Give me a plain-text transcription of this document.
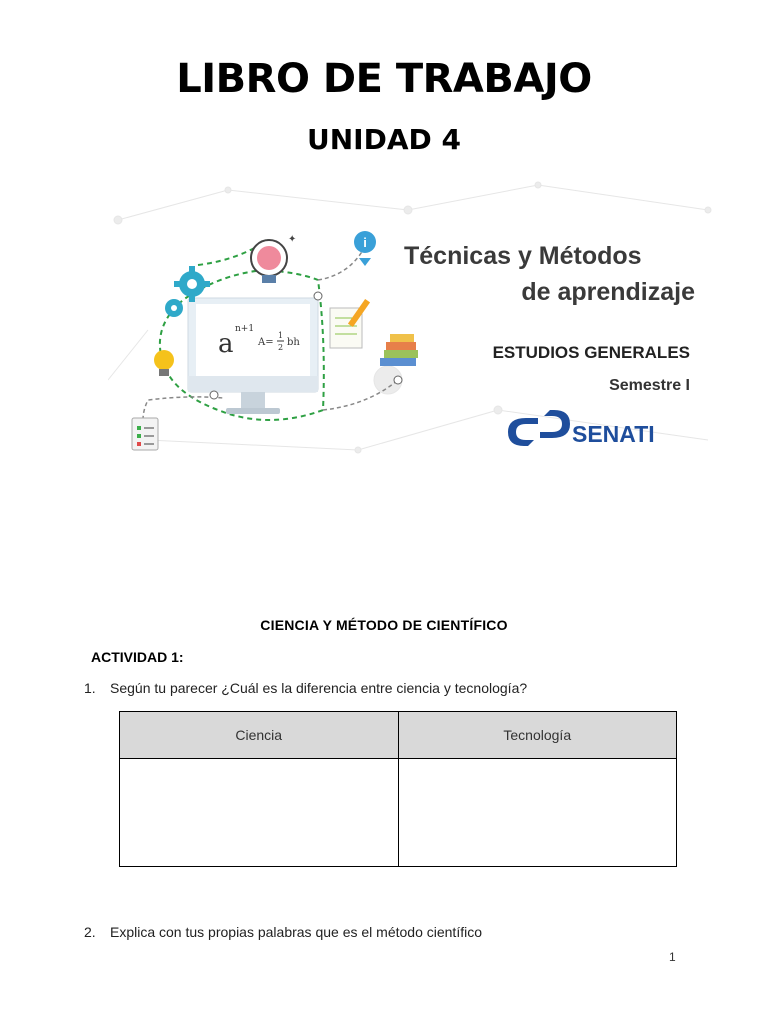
LIBRO DE TRABAJO
UNIDAD 4
a n+1
A=
1
2 bh
✦	i Técnicas y Métodos
de aprendizaje
ESTUDIOS GENERALES
Semestre I
SENATI
CIENCIA Y MÉTODO DE CIENTÍFICO
ACTIVIDAD 1:
1. Según tu parecer ¿Cuál es la diferencia entre ciencia y tecnología?
Ciencia	Tecnología

2. Explica con tus propias palabras que es el método científico
1
